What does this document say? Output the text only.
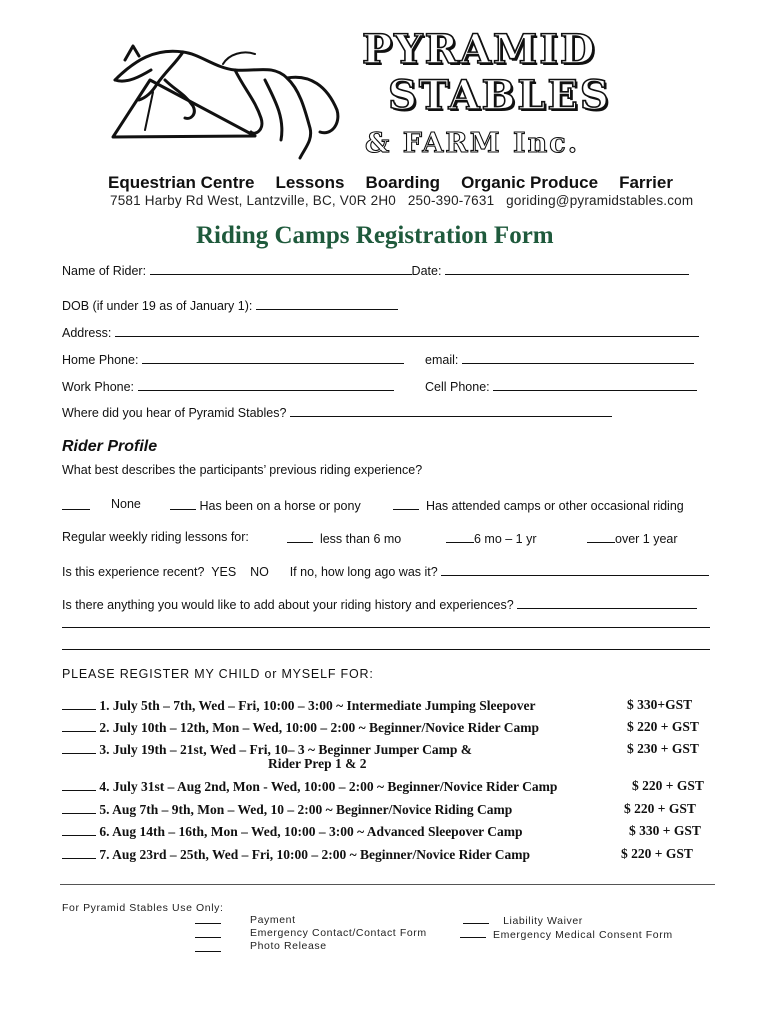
PYRAMID
STABLES
& FARM Inc.
Equestrian Centre Lessons Boarding Organic Produce Farrier
7581 Harby Rd West, Lantzville, BC, V0R 2H0   250-390-7631   goriding@pyramidstables.com
Riding Camps Registration Form
Name of Rider:	Date:
DOB (if under 19 as of January 1):
Address:
Home Phone:	email:
Work Phone:	Cell Phone:
Where did you hear of Pyramid Stables?
Rider Profile
What best describes the participants’ previous riding experience?
None	Has been on a horse or pony	Has attended camps or other occasional riding
Regular weekly riding lessons for:	less than 6 mo	6 mo – 1 yr	over 1 year
Is this experience recent? YES NO If no, how long ago was it?
Is there anything you would like to add about your riding history and experiences?
PLEASE REGISTER MY CHILD or MYSELF FOR:
1. July 5th – 7th, Wed – Fri, 10:00 – 3:00 ~ Intermediate Jumping Sleepover	$ 330+GST
2. July 10th – 12th, Mon – Wed, 10:00 – 2:00 ~ Beginner/Novice Rider Camp	$ 220 + GST
3. July 19th – 21st, Wed – Fri, 10– 3 ~ Beginner Jumper Camp &
Rider Prep 1 & 2
$ 230 + GST
4. July 31st – Aug 2nd, Mon - Wed, 10:00 – 2:00 ~ Beginner/Novice Rider Camp	$ 220 + GST
5. Aug 7th – 9th, Mon – Wed, 10 – 2:00 ~ Beginner/Novice Riding Camp	$ 220 + GST
6. Aug 14th – 16th, Mon – Wed, 10:00 – 3:00 ~ Advanced Sleepover Camp	$ 330 + GST
7. Aug 23rd – 25th, Wed – Fri, 10:00 – 2:00 ~ Beginner/Novice Rider Camp	$ 220 + GST
For Pyramid Stables Use Only:
Payment
Emergency Contact/Contact Form
Photo Release
Liability Waiver
Emergency Medical Consent Form
